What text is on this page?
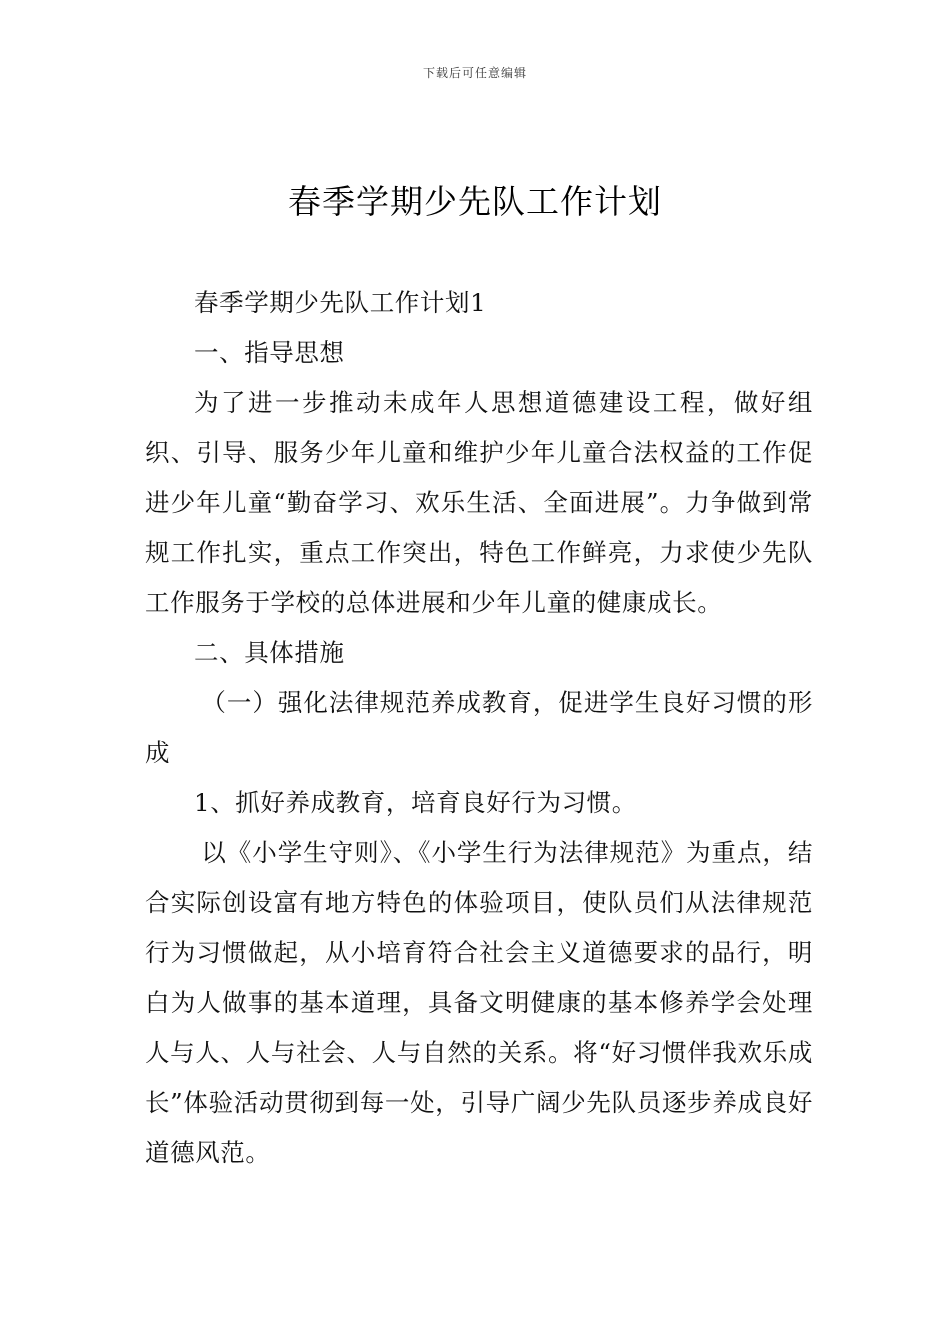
下载后可任意编辑
春季学期少先队工作计划

春季学期少先队工作计划1

一、指导思想

为了进一步推动未成年人思想道德建设工程，做好组织、引导、服务少年儿童和维护少年儿童合法权益的工作促进少年儿童“勤奋学习、欢乐生活、全面进展”。力争做到常规工作扎实，重点工作突出，特色工作鲜亮，力求使少先队工作服务于学校的总体进展和少年儿童的健康成长。

二、具体措施

（一）强化法律规范养成教育，促进学生良好习惯的形成

1、抓好养成教育，培育良好行为习惯。

以《小学生守则》、《小学生行为法律规范》为重点，结合实际创设富有地方特色的体验项目，使队员们从法律规范行为习惯做起，从小培育符合社会主义道德要求的品行，明白为人做事的基本道理，具备文明健康的基本修养学会处理人与人、人与社会、人与自然的关系。将“好习惯伴我欢乐成长”体验活动贯彻到每一处，引导广阔少先队员逐步养成良好道德风范。
